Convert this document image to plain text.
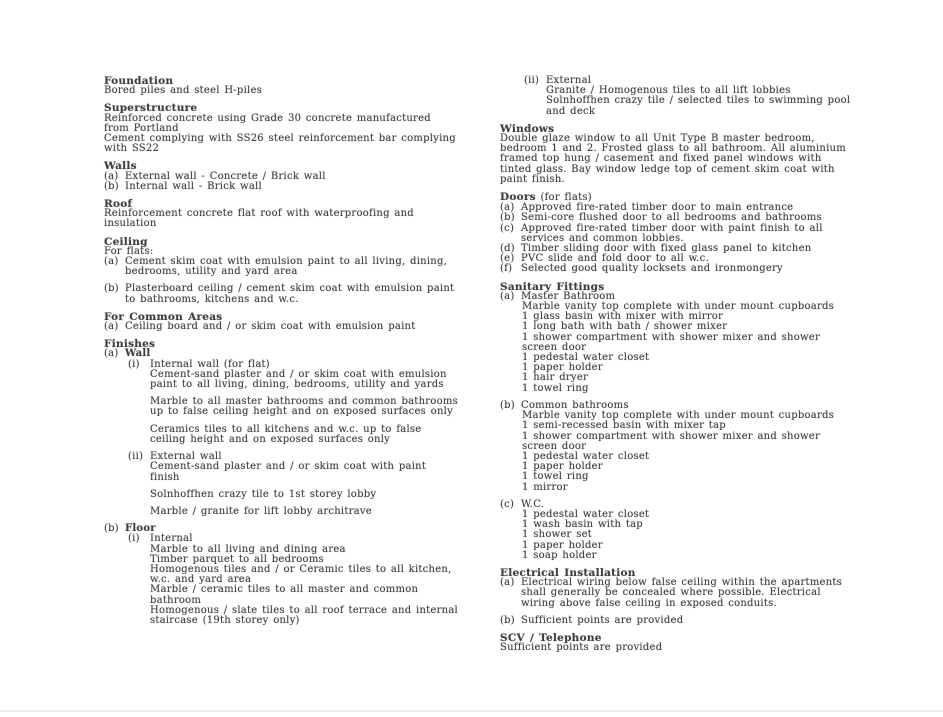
Foundation
Bored piles and steel H-piles
Superstructure
Reinforced concrete using Grade 30 concrete manufactured from Portland
Cement complying with SS26 steel reinforcement bar complying with SS22
Walls
(a) External wall - Concrete / Brick wall
(b) Internal wall - Brick wall
Roof
Reinforcement concrete flat roof with waterproofing and insulation
Ceiling
For flats:
(a) Cement skim coat with emulsion paint to all living, dining, bedrooms, utility and yard area
(b) Plasterboard ceiling / cement skim coat with emulsion paint to bathrooms, kitchens and w.c.
For Common Areas
(a) Ceiling board and / or skim coat with emulsion paint
Finishes
(a) Wall
(i)	Internal wall (for flat)
Cement-sand plaster and / or skim coat with emulsion paint to all living, dining, bedrooms, utility and yards
Marble to all master bathrooms and common bathrooms up to false ceiling height and on exposed surfaces only
Ceramics tiles to all kitchens and w.c. up to false ceiling height and on exposed surfaces only
(ii) External wall
Cement-sand plaster and / or skim coat with paint finish
Solnhoffhen crazy tile to 1st storey lobby
Marble / granite for lift lobby architrave
(b) Floor
(i)	Internal
Marble to all living and dining area
Timber parquet to all bedrooms
Homogenous tiles and / or Ceramic tiles to all kitchen, w.c. and yard area
Marble / ceramic tiles to all master and common bathroom
Homogenous / slate tiles to all roof terrace and internal staircase (19th storey only)
(ii) External
Granite / Homogenous tiles to all lift lobbies
Solnhoffhen crazy tile / selected tiles to swimming pool and deck
Windows
Double glaze window to all Unit Type B master bedroom, bedroom 1 and 2. Frosted glass to all bathroom. All aluminium framed top hung / casement and fixed panel windows with tinted glass. Bay window ledge top of cement skim coat with paint finish.
Doors (for flats)
(a) Approved fire-rated timber door to main entrance
(b) Semi-core flushed door to all bedrooms and bathrooms
(c) Approved fire-rated timber door with paint finish to all services and common lobbies.
(d) Timber sliding door with fixed glass panel to kitchen
(e) PVC slide and fold door to all w.c.
(f) Selected good quality locksets and ironmongery
Sanitary Fittings
(a) Master Bathroom
Marble vanity top complete with under mount cupboards
1 glass basin with mixer with mirror
1 long bath with bath / shower mixer
1 shower compartment with shower mixer and shower screen door
1 pedestal water closet
1 paper holder
1 hair dryer
1 towel ring
(b) Common bathrooms
Marble vanity top complete with under mount cupboards
1 semi-recessed basin with mixer tap
1 shower compartment with shower mixer and shower screen door
1 pedestal water closet
1 paper holder
1 towel ring
1 mirror
(c) W.C.
1 pedestal water closet
1 wash basin with tap
1 shower set
1 paper holder
1 soap holder
Electrical Installation
(a) Electrical wiring below false ceiling within the apartments shall generally be concealed where possible. Electrical wiring above false ceiling in exposed conduits.
(b) Sufficient points are provided
SCV / Telephone
Sufficient points are provided
